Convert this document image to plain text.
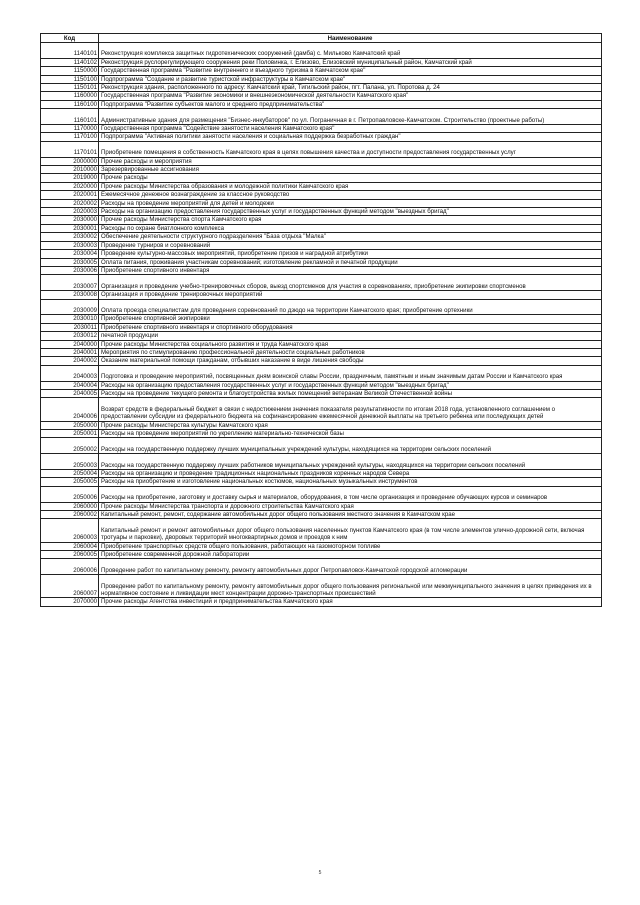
Код	Наименование
1140101	Реконструкция комплекса защитных гидротехнических сооружений (дамба) с. Мильково Камчатский край
1140102	Реконструкция руслорегулирующего сооружения реки Половинка, г. Елизово, Елизовский муниципальный район, Камчатский край
1150000	Государственная программа "Развитие внутреннего и въездного туризма в Камчатском крае"
1150100	Подпрограмма "Создание и развитие туристской инфраструктуры в Камчатском крае"
1150101	Реконструкция здания, расположенного по адресу: Камчатский край, Тигильский район, пгт. Палана, ул. Поротова д. 24
1160000	Государственная программа "Развитие экономики и внешнеэкономической деятельности Камчатского края"
1160100	Подпрограмма "Развитие субъектов малого и среднего предпринимательства"
1160101	Административные здания для размещения "Бизнес-инкубаторов" по ул. Пограничная в г. Петропавловске-Камчатском. Строительство (проектные работы)
1170000	Государственная программа "Содействие занятости населения Камчатского края"
1170100	Подпрограмма "Активная политики занятости населения и социальная поддержка безработных граждан"
1170101	Приобретение помещения в собственность Камчатского края в целях повышения качества и доступности предоставления государственных услуг
2000000	Прочие расходы и мероприятия
2010000	Зарезервированные ассигнования
2019000	Прочие расходы
2020000	Прочие расходы Министерства образования и молодежной политики Камчатского края
2020001	Ежемесячное денежное вознаграждение за классное руководство
2020002	Расходы на проведение мероприятий для детей и молодежи
2020003	Расходы на организацию предоставления государственных услуг и государственных функций методом "выездных бригад"
2030000	Прочие расходы Министерства спорта Камчатского края
2030001	Расходы по охране биатлонного комплекса
2030002	Обеспечение деятельности структурного подразделения "База отдыха "Малка"
2030003	Проведение турниров и соревнований
2030004	Проведение культурно-массовых мероприятий, приобретение призов и наградной атрибутики
2030005	Оплата питания, проживания участникам соревнований; изготовление рекламной и печатной продукции
2030006	Приобретение спортивного инвентаря
2030007	Организация и проведение учебно-тренировочных сборов, выезд спортсменов для участия в соревнованиях, приобретение экипировки спортсменов
2030008	Организация и проведение тренировочных мероприятий
2030009	Оплата проезда специалистам для проведения соревнований по дзюдо на территории Камчатского края; приобретение ортехники
2030010	Приобретение спортивной экипировки
2030011	Приобретение спортивного инвентаря и спортивного оборудования
2030012	печатной продукции
2040000	Прочие расходы Министерства социального развития и труда Камчатского края
2040001	Мероприятия по стимулированию профессиональной деятельности социальных работников
2040002	Оказание материальной помощи гражданам, отбывших наказание в виде лишения свободы
2040003	Подготовка и проведение мероприятий, посвященных дням воинской славы России, праздничным, памятным и иным значимым датам России и Камчатского края
2040004	Расходы на организацию предоставления государственных услуг и государственных функций методом "выездных бригад"
2040005	Расходы на проведение текущего ремонта и благоустройства жилых помещений ветеранам Великой Отечественной войны
2040006	Возврат средств в федеральный бюджет в связи с недостижением значения показателя результативности по итогам 2018 года, установленного соглашением о предоставлении субсидии из федерального бюджета на софинансирование ежемесячной денежной выплаты на третьего ребенка или последующих детей
2050000	Прочие расходы Министерства культуры Камчатского края
2050001	Расходы на проведение мероприятий по укреплению материально-технической базы
2050002	Расходы на государственную поддержку лучших муниципальных учреждений культуры, находящихся на территории сельских поселений
2050003	Расходы на государственную поддержку лучших работников муниципальных учреждений культуры, находящихся на территории сельских поселений
2050004	Расходы на организацию и проведение традиционных национальных праздников коренных народов Севера
2050005	Расходы на приобретение и изготовление национальных костюмов, национальных музыкальных инструментов
2050006	Расходы на приобретение, заготовку и доставку сырья и материалов, оборудования, в том числе организация и проведение обучающих курсов и семинаров
2060000	Прочие расходы Министерства транспорта и дорожного строительства Камчатского края
2060002	Капитальный ремонт, ремонт, содержание автомобильных дорог общего пользования местного значения в Камчатском крае
2060003	Капитальный ремонт и ремонт автомобильных дорог общего пользования населенных пунктов Камчатского края (в том числе элементов улично-дорожной сети, включая тротуары и парковки), дворовых территорий многоквартирных домов и проездов к ним
2060004	Приобретение транспортных средств общего пользования, работающих на газомоторном топливе
2060005	Приобретение современной дорожной лаборатории
2060006	Проведение работ по капитальному ремонту, ремонту автомобильных дорог Петропавловск-Камчатской городской агломерации
2060007	Проведение работ по капитальному ремонту, ремонту автомобильных дорог общего пользования региональной или межмуниципального значения в целях приведения их в нормативное состояние и ликвидации мест концентрации дорожно-транспортных происшествий
2070000	Прочие расходы Агентства инвестиций и предпринимательства Камчатского края
5
